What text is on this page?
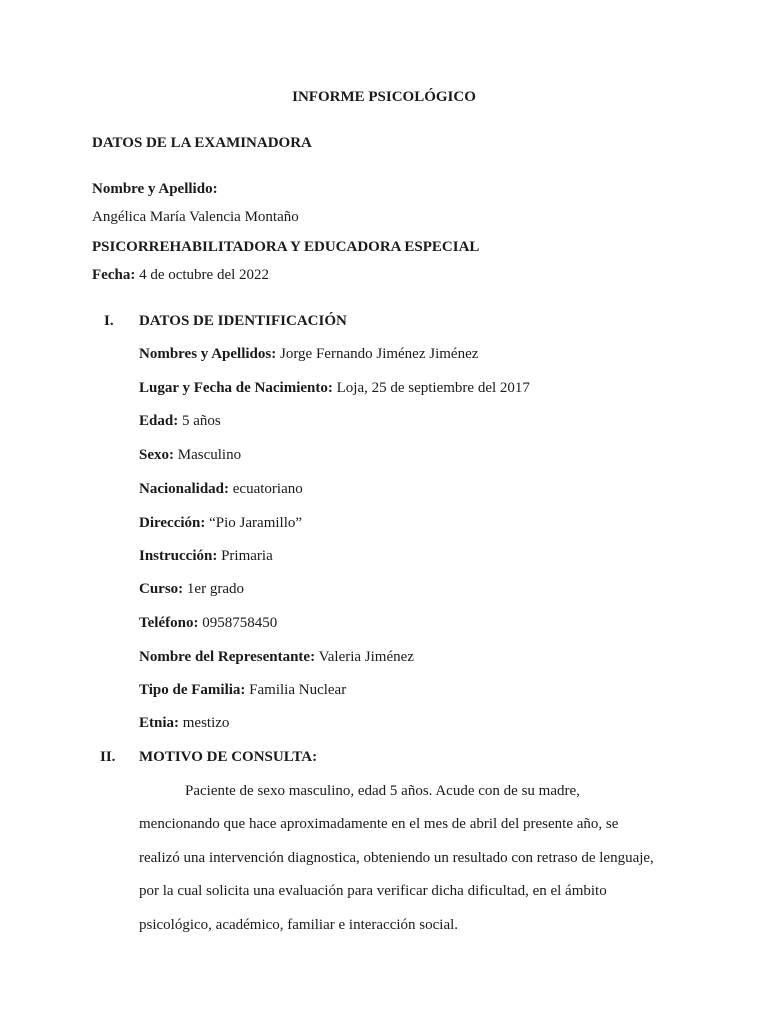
INFORME PSICOLÓGICO
DATOS DE LA EXAMINADORA
Nombre y Apellido:
Angélica María Valencia Montaño
PSICORREHABILITADORA Y EDUCADORA ESPECIAL
Fecha: 4 de octubre del 2022
I. DATOS DE IDENTIFICACIÓN
Nombres y Apellidos: Jorge Fernando Jiménez Jiménez
Lugar y Fecha de Nacimiento: Loja, 25 de septiembre del 2017
Edad: 5 años
Sexo: Masculino
Nacionalidad: ecuatoriano
Dirección: “Pio Jaramillo”
Instrucción: Primaria
Curso: 1er grado
Teléfono: 0958758450
Nombre del Representante: Valeria Jiménez
Tipo de Familia: Familia Nuclear
Etnia: mestizo
II. MOTIVO DE CONSULTA:
Paciente de sexo masculino, edad 5 años. Acude con de su madre,
mencionando que hace aproximadamente en el mes de abril del presente año, se
realizó una intervención diagnostica, obteniendo un resultado con retraso de lenguaje,
por la cual solicita una evaluación para verificar dicha dificultad, en el ámbito
psicológico, académico, familiar e interacción social.
